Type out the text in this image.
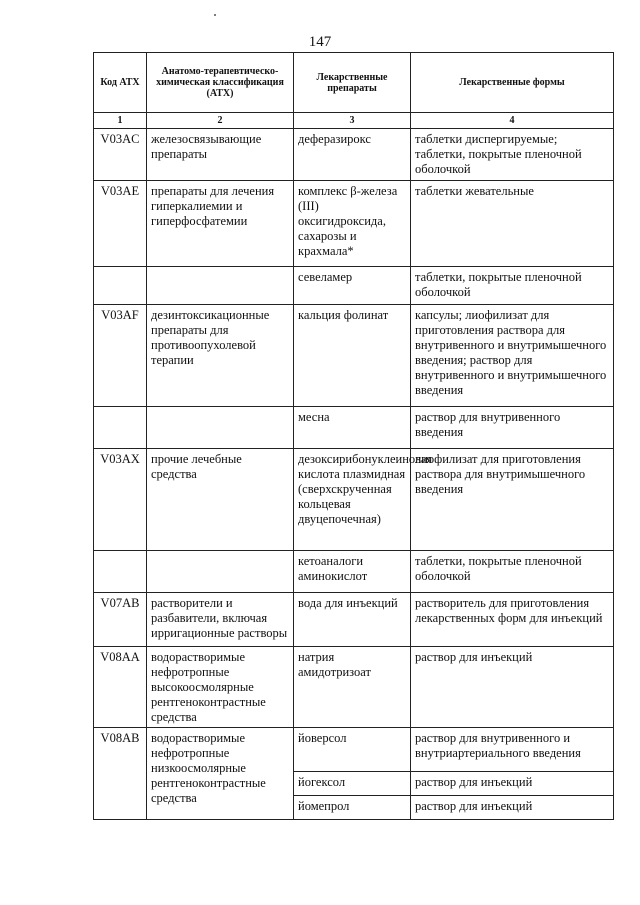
147
Код АТХ	Анатомо-терапевтическо-химическая классификация (АТХ)	Лекарственные препараты	Лекарственные формы
1	2	3	4
V03AC	железосвязывающие препараты	деферазирокс	таблетки диспергируемые; таблетки, покрытые пленочной оболочкой
V03AE	препараты для лечения гиперкалиемии и гиперфосфатемии	комплекс β-железа (III) оксигидроксида, сахарозы и крахмала*	таблетки жевательные
		севеламер	таблетки, покрытые пленочной оболочкой
V03AF	дезинтоксикационные препараты для противоопухолевой терапии	кальция фолинат	капсулы; лиофилизат для приготовления раствора для внутривенного и внутримышечного введения; раствор для внутривенного и внутримышечного введения
		месна	раствор для внутривенного введения
V03AX	прочие лечебные средства	дезоксирибонуклеиновая кислота плазмидная (сверхскрученная кольцевая двуцепочечная)	лиофилизат для приготовления раствора для внутримышечного введения
		кетоаналоги аминокислот	таблетки, покрытые пленочной оболочкой
V07AB	растворители и разбавители, включая ирригационные растворы	вода для инъекций	растворитель для приготовления лекарственных форм для инъекций
V08AA	водорастворимые нефротропные высокоосмолярные рентгеноконтрастные средства	натрия амидотризоат	раствор для инъекций
V08AB	водорастворимые нефротропные низкоосмолярные рентгеноконтрастные средства	йоверсол	раствор для внутривенного и внутриартериального введения
		йогексол	раствор для инъекций
		йомепрол	раствор для инъекций
